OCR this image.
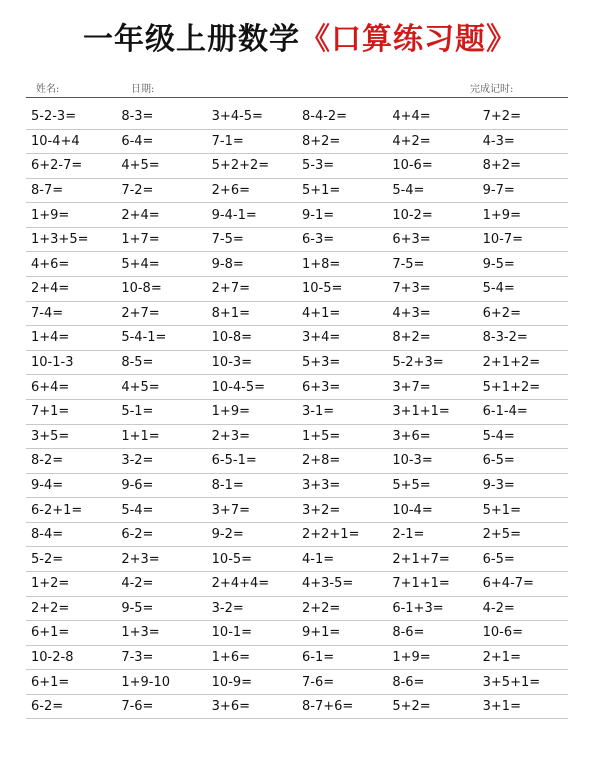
一年级上册数学《口算练习题》
姓名:	日期:	完成记时:
5-2-3=	8-3=	3+4-5=	8-4-2=	4+4=	7+2=
10-4+4	6-4=	7-1=	8+2=	4+2=	4-3=
6+2-7=	4+5=	5+2+2=	5-3=	10-6=	8+2=
8-7=	7-2=	2+6=	5+1=	5-4=	9-7=
1+9=	2+4=	9-4-1=	9-1=	10-2=	1+9=
1+3+5=	1+7=	7-5=	6-3=	6+3=	10-7=
4+6=	5+4=	9-8=	1+8=	7-5=	9-5=
2+4=	10-8=	2+7=	10-5=	7+3=	5-4=
7-4=	2+7=	8+1=	4+1=	4+3=	6+2=
1+4=	5-4-1=	10-8=	3+4=	8+2=	8-3-2=
10-1-3	8-5=	10-3=	5+3=	5-2+3=	2+1+2=
6+4=	4+5=	10-4-5=	6+3=	3+7=	5+1+2=
7+1=	5-1=	1+9=	3-1=	3+1+1=	6-1-4=
3+5=	1+1=	2+3=	1+5=	3+6=	5-4=
8-2=	3-2=	6-5-1=	2+8=	10-3=	6-5=
9-4=	9-6=	8-1=	3+3=	5+5=	9-3=
6-2+1=	5-4=	3+7=	3+2=	10-4=	5+1=
8-4=	6-2=	9-2=	2+2+1=	2-1=	2+5=
5-2=	2+3=	10-5=	4-1=	2+1+7=	6-5=
1+2=	4-2=	2+4+4=	4+3-5=	7+1+1=	6+4-7=
2+2=	9-5=	3-2=	2+2=	6-1+3=	4-2=
6+1=	1+3=	10-1=	9+1=	8-6=	10-6=
10-2-8	7-3=	1+6=	6-1=	1+9=	2+1=
6+1=	1+9-10	10-9=	7-6=	8-6=	3+5+1=
6-2=	7-6=	3+6=	8-7+6=	5+2=	3+1=
